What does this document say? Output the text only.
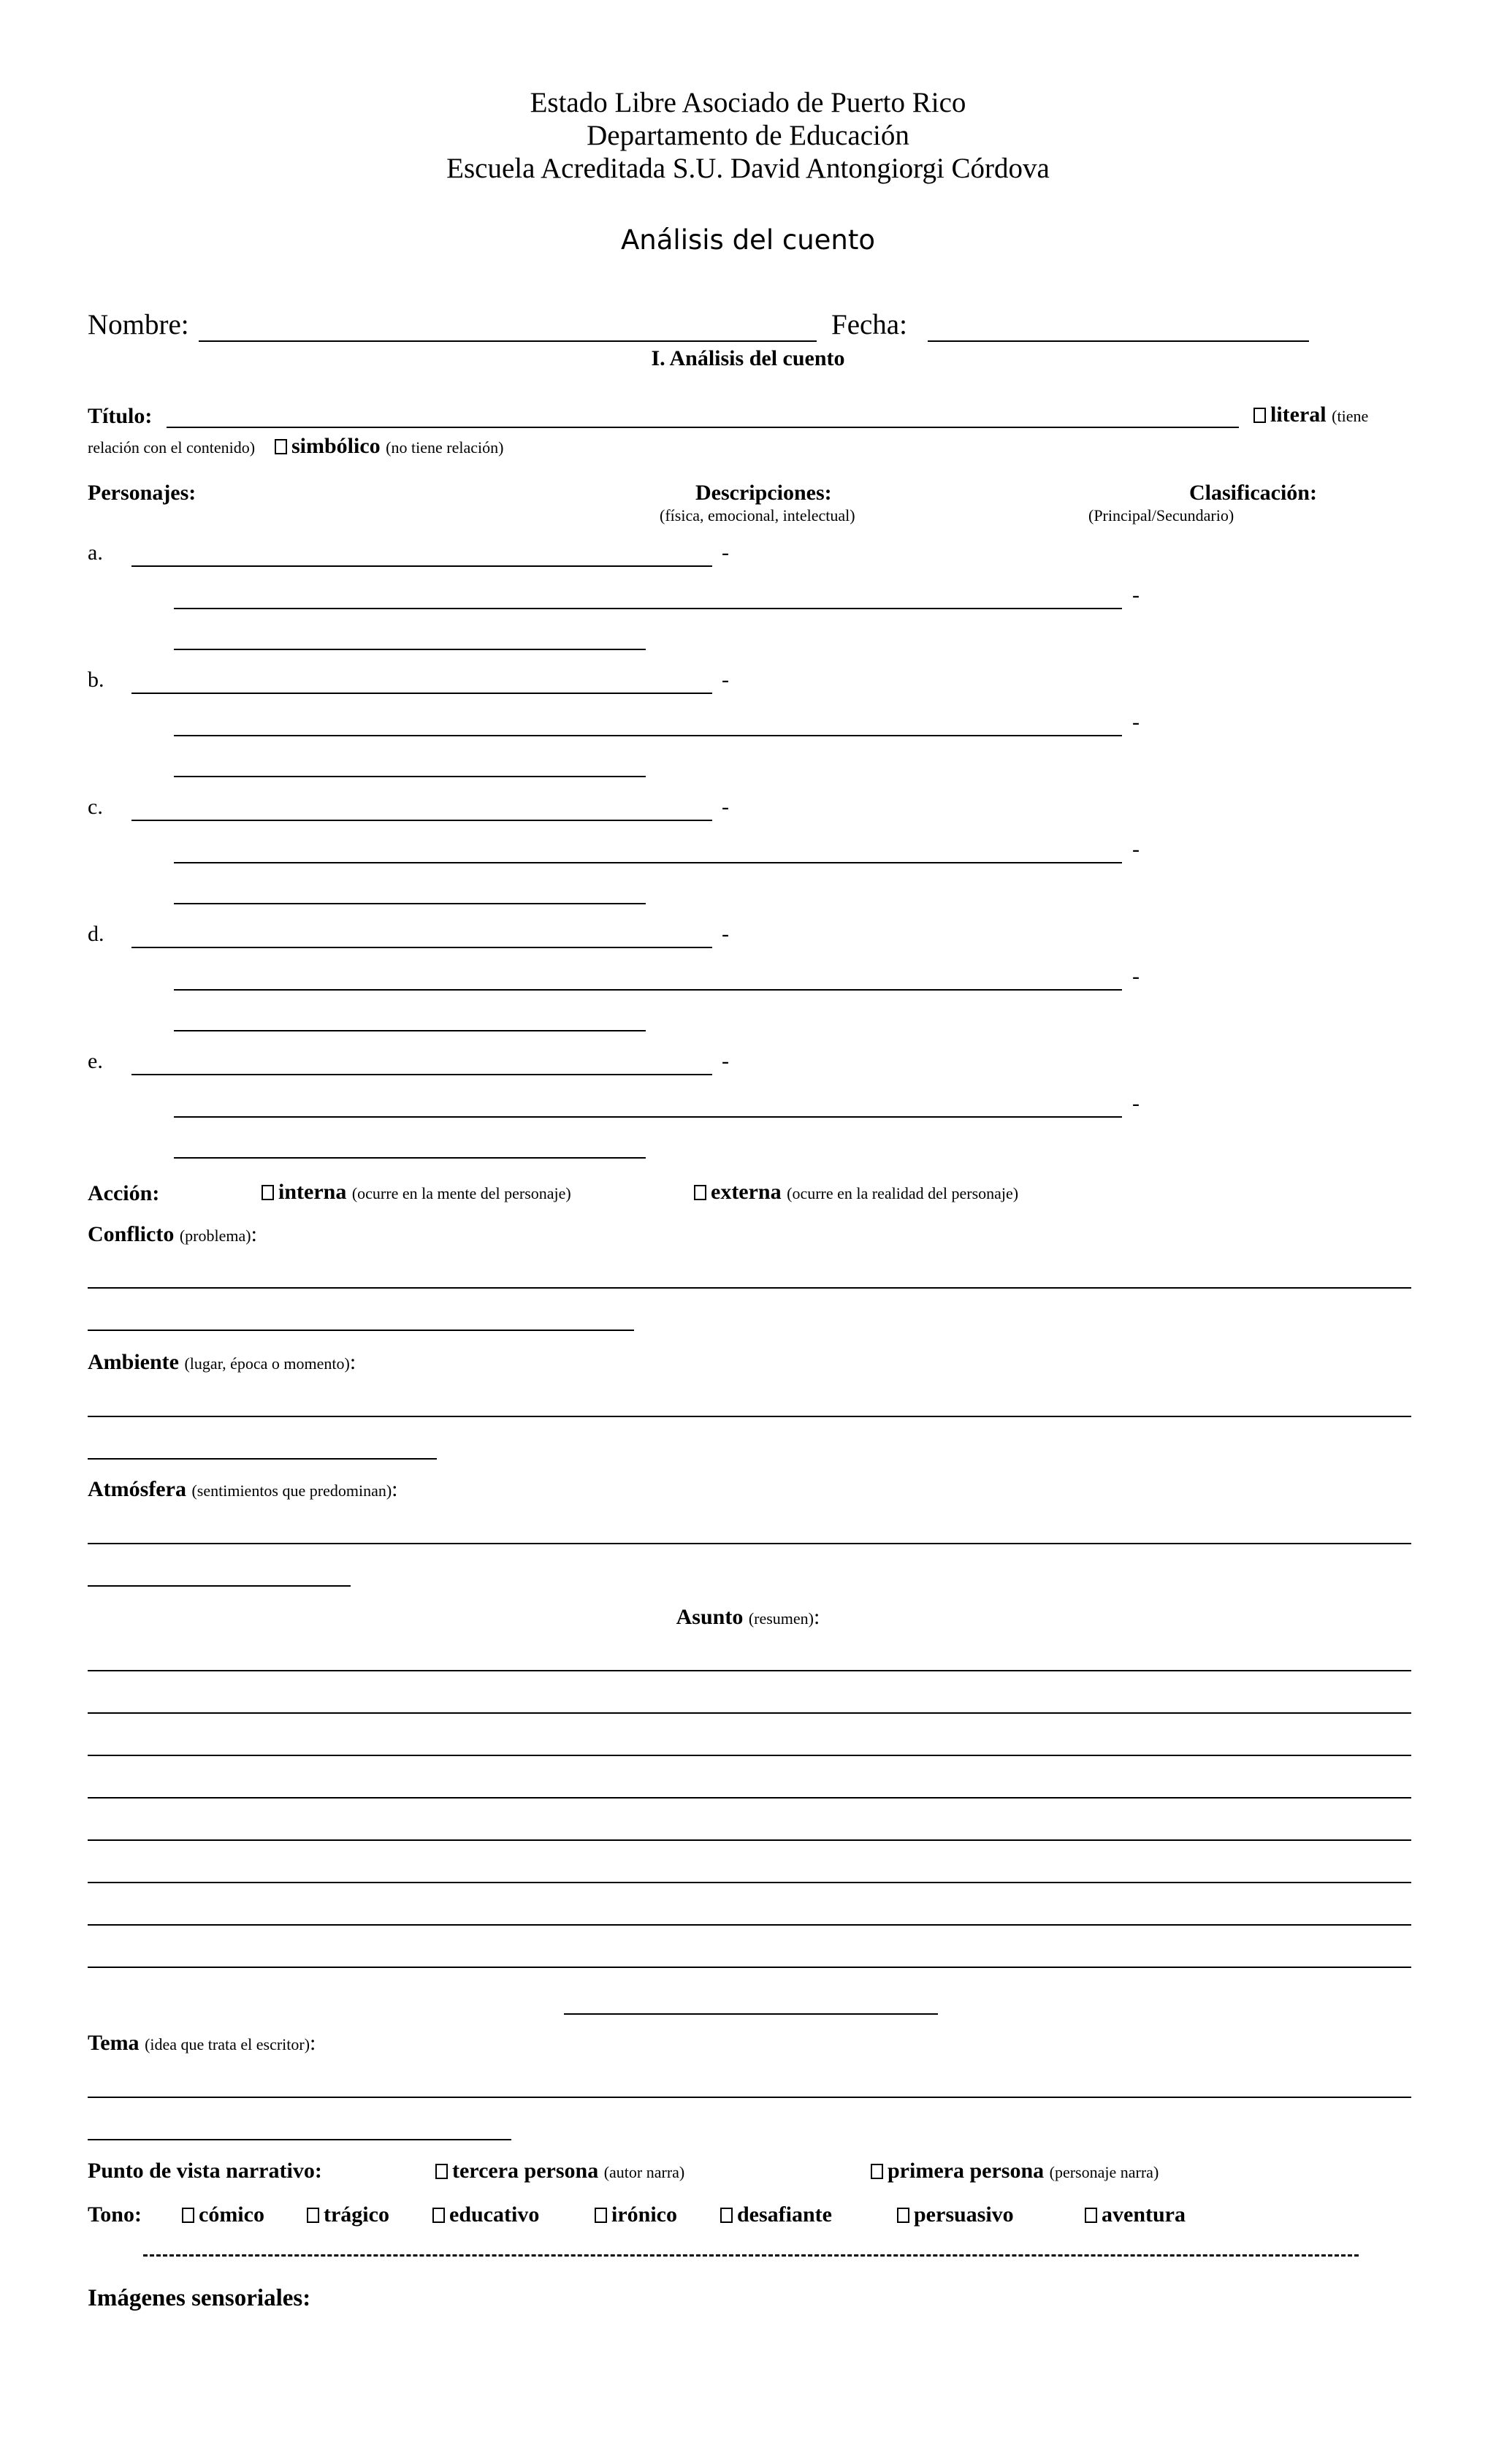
Estado Libre Asociado de Puerto Rico
Departamento de Educación
Escuela Acreditada S.U. David Antongiorgi Córdova
Análisis del cuento
Nombre:	Fecha:
I. Análisis del cuento
Título:	literal (tiene
relación con el contenido)	simbólico (no tiene relación)
Personajes:	Descripciones:
(física, emocional, intelectual)
Clasificación:
(Principal/Secundario)
a.	-
-
b.	-
-
c.	-
-
d.	-
-
e.	-
-
Acción:	interna (ocurre en la mente del personaje)	externa (ocurre en la realidad del personaje)
Conflicto (problema):
Ambiente (lugar, época o momento):
Atmósfera (sentimientos que predominan):
Asunto (resumen):
Tema (idea que trata el escritor):
Punto de vista narrativo:	tercera persona (autor narra)	primera persona (personaje narra)
Tono:	cómico	trágico	educativo	irónico	desafiante	persuasivo	aventura
Imágenes sensoriales:
